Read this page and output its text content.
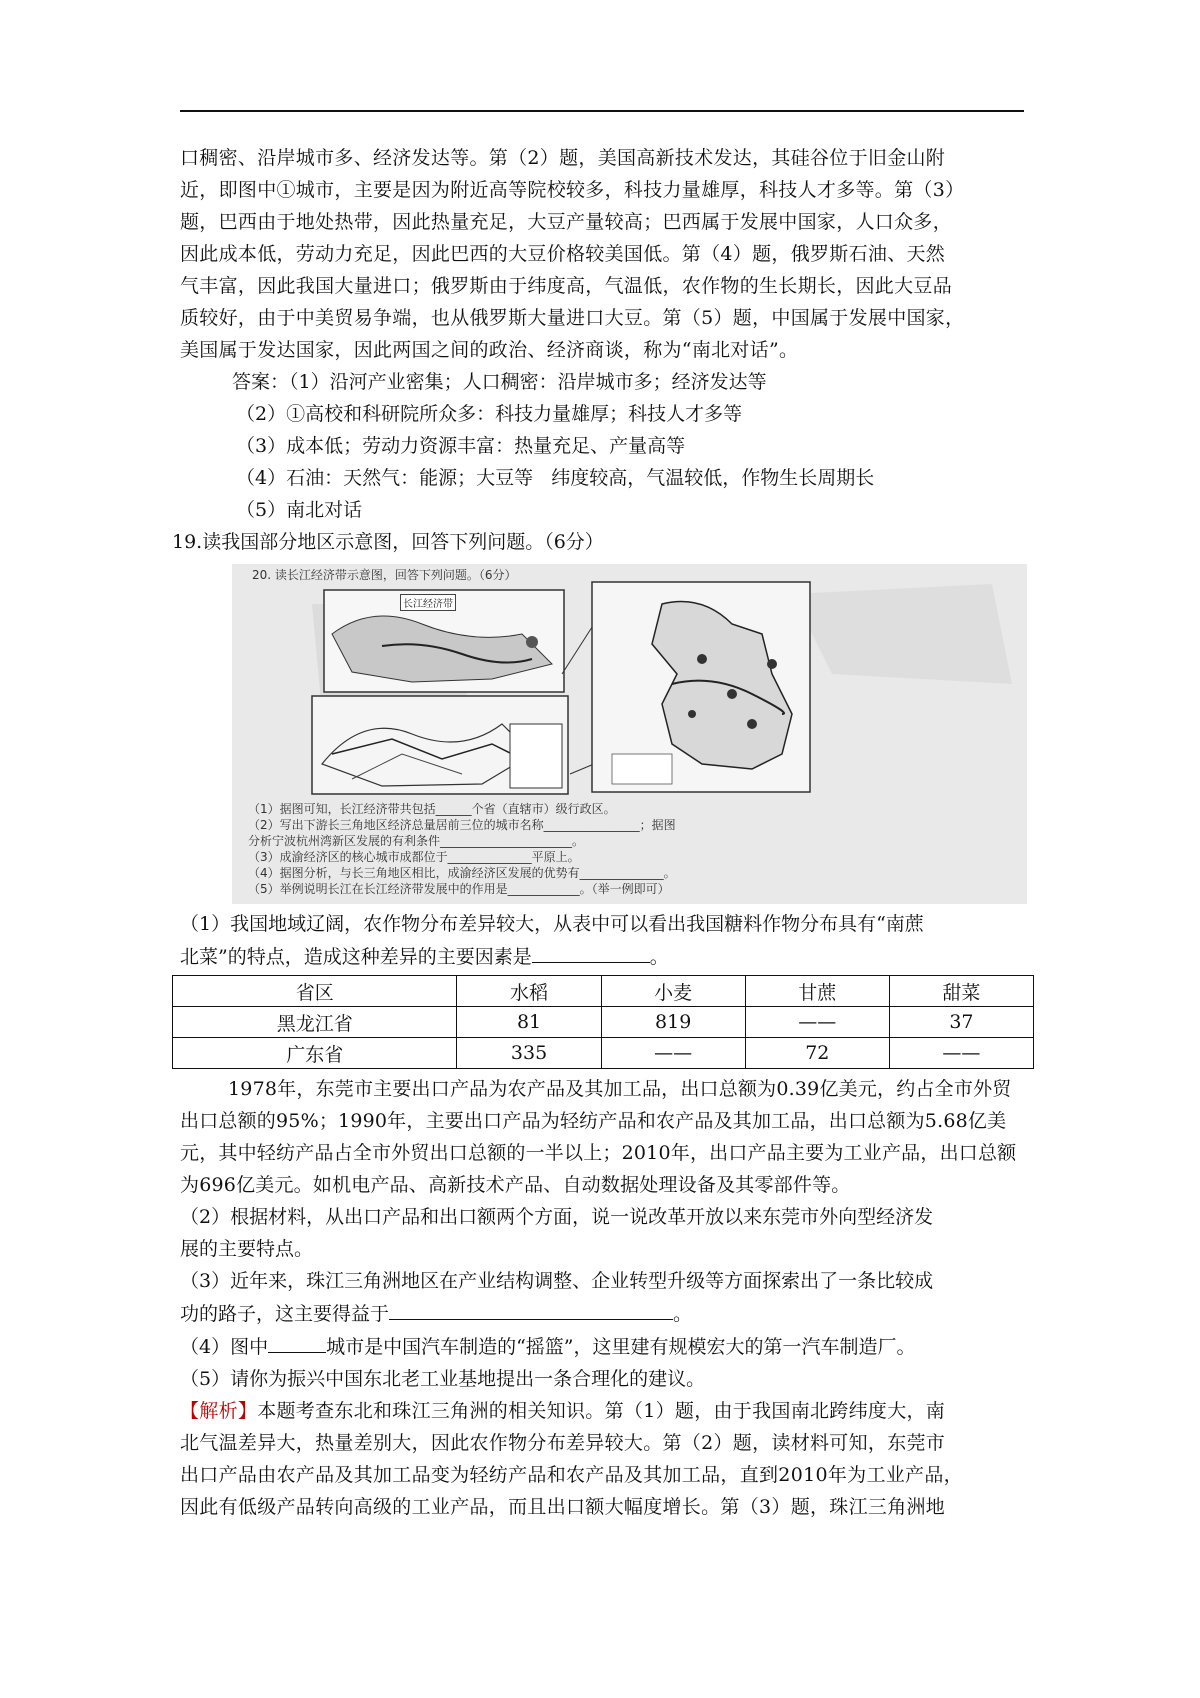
口稠密、沿岸城市多、经济发达等。第（2）题，美国高新技术发达，其硅谷位于旧金山附

近，即图中①城市，主要是因为附近高等院校较多，科技力量雄厚，科技人才多等。第（3）

题，巴西由于地处热带，因此热量充足，大豆产量较高；巴西属于发展中国家，人口众多，

因此成本低，劳动力充足，因此巴西的大豆价格较美国低。第（4）题，俄罗斯石油、天然

气丰富，因此我国大量进口；俄罗斯由于纬度高，气温低，农作物的生长期长，因此大豆品

质较好，由于中美贸易争端，也从俄罗斯大量进口大豆。第（5）题，中国属于发展中国家，

美国属于发达国家，因此两国之间的政治、经济商谈，称为“南北对话”。

答案：（1）沿河产业密集；人口稠密：沿岸城市多；经济发达等

（2）①高校和科研院所众多：科技力量雄厚；科技人才多等

（3）成本低；劳动力资源丰富：热量充足、产量高等

（4）石油：天然气：能源；大豆等   纬度较高，气温较低，作物生长周期长

（5）南北对话

19.读我国部分地区示意图，回答下列问题。（6分）

20. 读长江经济带示意图，回答下列问题。（6分）
长江经济带
（1）据图可知，长江经济带共包括______个省（直辖市）级行政区。
（2）写出下游长三角地区经济总量居前三位的城市名称________________；据图
分析宁波杭州湾新区发展的有利条件______________________。
（3）成渝经济区的核心城市成都位于______________平原上。
（4）据图分析，与长三角地区相比，成渝经济区发展的优势有______________。
（5）举例说明长江在长江经济带发展中的作用是____________。（举一例即可）

（1）我国地域辽阔，农作物分布差异较大，从表中可以看出我国糖料作物分布具有“南蔗

北菜”的特点，造成这种差异的主要因素是	。

省区	水稻	小麦	甘蔗	甜菜
黑龙江省	81	819	——	37
广东省	335	——	72	——

1978年，东莞市主要出口产品为农产品及其加工品，出口总额为0.39亿美元，约占全市外贸出口总额的95%；1990年，主要出口产品为轻纺产品和农产品及其加工品，出口总额为5.68亿美元，其中轻纺产品占全市外贸出口总额的一半以上；2010年，出口产品主要为工业产品，出口总额为696亿美元。如机电产品、高新技术产品、自动数据处理设备及其零部件等。

（2）根据材料，从出口产品和出口额两个方面，说一说改革开放以来东莞市外向型经济发

展的主要特点。

（3）近年来，珠江三角洲地区在产业结构调整、企业转型升级等方面探索出了一条比较成

功的路子，这主要得益于	。

（4）图中	城市是中国汽车制造的“摇篮”，这里建有规模宏大的第一汽车制造厂。

（5）请你为振兴中国东北老工业基地提出一条合理化的建议。

【解析】本题考查东北和珠江三角洲的相关知识。第（1）题，由于我国南北跨纬度大，南

北气温差异大，热量差别大，因此农作物分布差异较大。第（2）题，读材料可知，东莞市

出口产品由农产品及其加工品变为轻纺产品和农产品及其加工品，直到2010年为工业产品，

因此有低级产品转向高级的工业产品，而且出口额大幅度增长。第（3）题，珠江三角洲地
